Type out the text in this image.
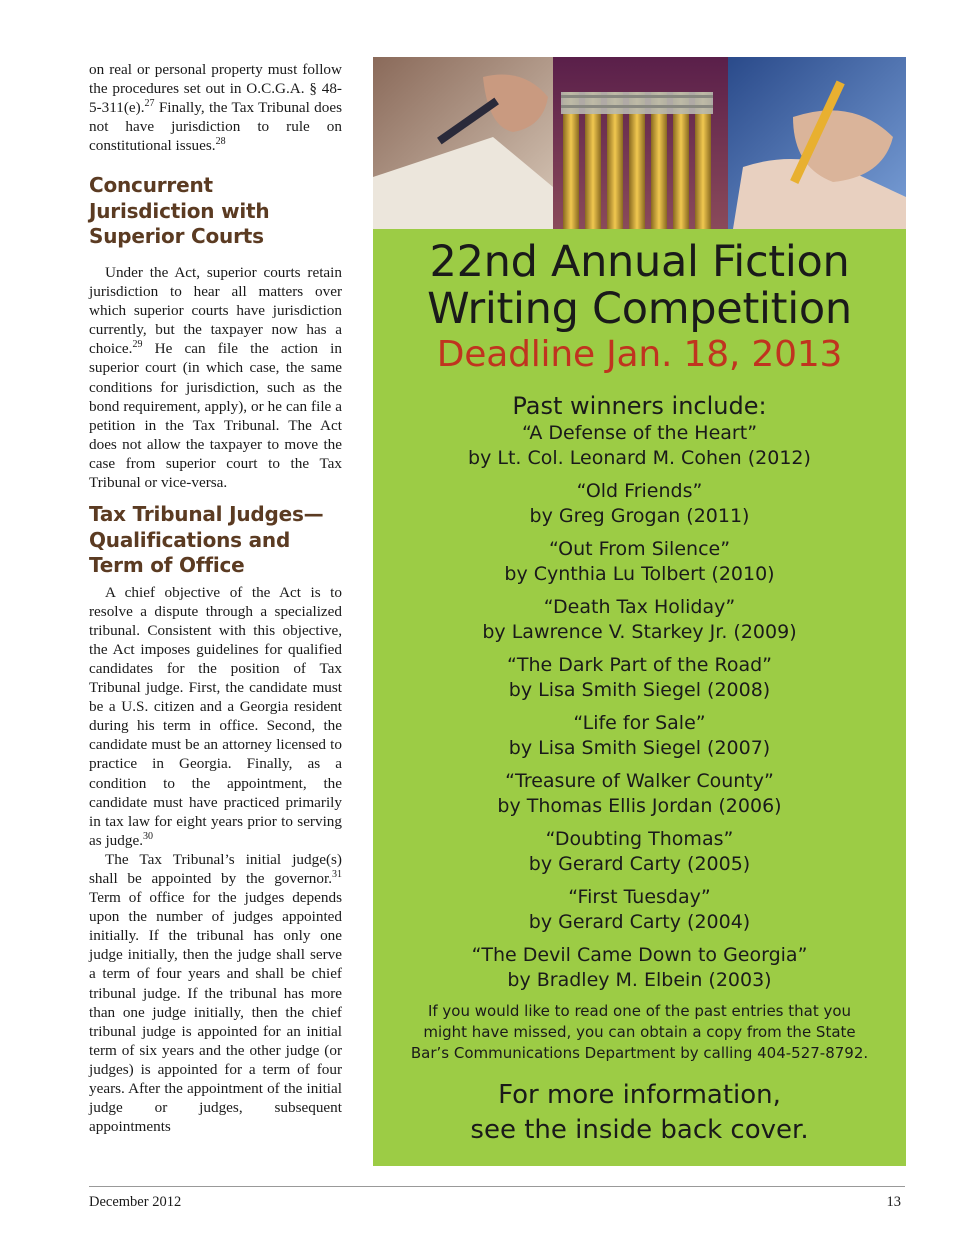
on real or personal property must follow the procedures set out in O.C.G.A. § 48-5-311(e).$^{27}$ Finally, the Tax Tribunal does not have jurisdiction to rule on constitutional issues.$^{28}$

Concurrent Jurisdiction with Superior Courts

Under the Act, superior courts retain jurisdiction to hear all matters over which superior courts have jurisdiction currently, but the taxpayer now has a choice.$^{29}$ He can file the action in superior court (in which case, the same conditions for jurisdiction, such as the bond requirement, apply), or he can file a petition in the Tax Tribunal. The Act does not allow the taxpayer to move the case from superior court to the Tax Tribunal or vice-versa.

Tax Tribunal Judges— Qualifications and Term of Office

A chief objective of the Act is to resolve a dispute through a specialized tribunal. Consistent with this objective, the Act imposes guidelines for qualified candidates for the position of Tax Tribunal judge. First, the candidate must be a U.S. citizen and a Georgia resident during his term in office. Second, the candidate must be an attorney licensed to practice in Georgia. Finally, as a condition to the appointment, the candidate must have practiced primarily in tax law for eight years prior to serving as judge.$^{30}$

The Tax Tribunal’s initial judge(s) shall be appointed by the governor.$^{31}$ Term of office for the judges depends upon the number of judges appointed initially. If the tribunal has only one judge initially, then the judge shall serve a term of four years and shall be chief tribunal judge. If the tribunal has more than one judge initially, then the chief tribunal judge is appointed for an initial term of six years and the other judge (or judges) is appointed for a term of four years. After the appointment of the initial judge or judges, subsequent appointments

22nd Annual Fiction
Writing Competition
Deadline Jan. 18, 2013
Past winners include:
“A Defense of the Heart”
by Lt. Col. Leonard M. Cohen (2012)
“Old Friends”
by Greg Grogan (2011)
“Out From Silence”
by Cynthia Lu Tolbert (2010)
“Death Tax Holiday”
by Lawrence V. Starkey Jr. (2009)
“The Dark Part of the Road”
by Lisa Smith Siegel (2008)
“Life for Sale”
by Lisa Smith Siegel (2007)
“Treasure of Walker County”
by Thomas Ellis Jordan (2006)
“Doubting Thomas”
by Gerard Carty (2005)
“First Tuesday”
by Gerard Carty (2004)
“The Devil Came Down to Georgia”
by Bradley M. Elbein (2003)
If you would like to read one of the past entries that you might have missed, you can obtain a copy from the State Bar’s Communications Department by calling 404-527-8792.
For more information,
see the inside back cover.
December 2012	13
